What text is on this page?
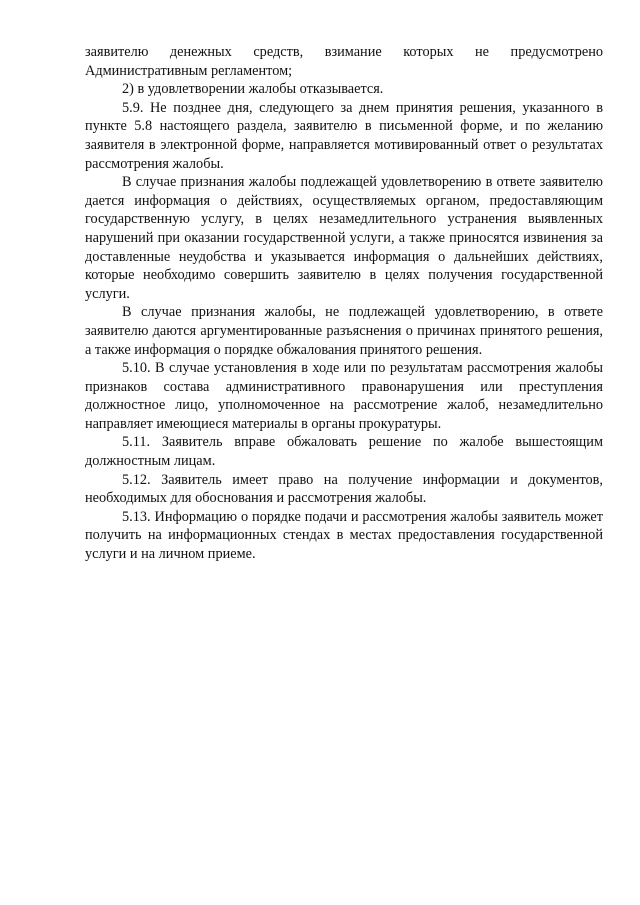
заявителю денежных средств, взимание которых не предусмотрено Административным регламентом;

2) в удовлетворении жалобы отказывается.

5.9. Не позднее дня, следующего за днем принятия решения, указанного в пункте 5.8 настоящего раздела, заявителю в письменной форме, и по желанию заявителя в электронной форме, направляется мотивированный ответ о результатах рассмотрения жалобы.

В случае признания жалобы подлежащей удовлетворению в ответе заявителю дается информация о действиях, осуществляемых органом, предоставляющим государственную услугу, в целях незамедлительного устранения выявленных нарушений при оказании государственной услуги, а также приносятся извинения за доставленные неудобства и указывается информация о дальнейших действиях, которые необходимо совершить заявителю в целях получения государственной услуги.

В случае признания жалобы, не подлежащей удовлетворению, в ответе заявителю даются аргументированные разъяснения о причинах принятого решения, а также информация о порядке обжалования принятого решения.

5.10. В случае установления в ходе или по результатам рассмотрения жалобы признаков состава административного правонарушения или преступления должностное лицо, уполномоченное на рассмотрение жалоб, незамедлительно направляет имеющиеся материалы в органы прокуратуры.

5.11. Заявитель вправе обжаловать решение по жалобе вышестоящим должностным лицам.

5.12. Заявитель имеет право на получение информации и документов, необходимых для обоснования и рассмотрения жалобы.

5.13. Информацию о порядке подачи и рассмотрения жалобы заявитель может получить на информационных стендах в местах предоставления государственной услуги и на личном приеме.
